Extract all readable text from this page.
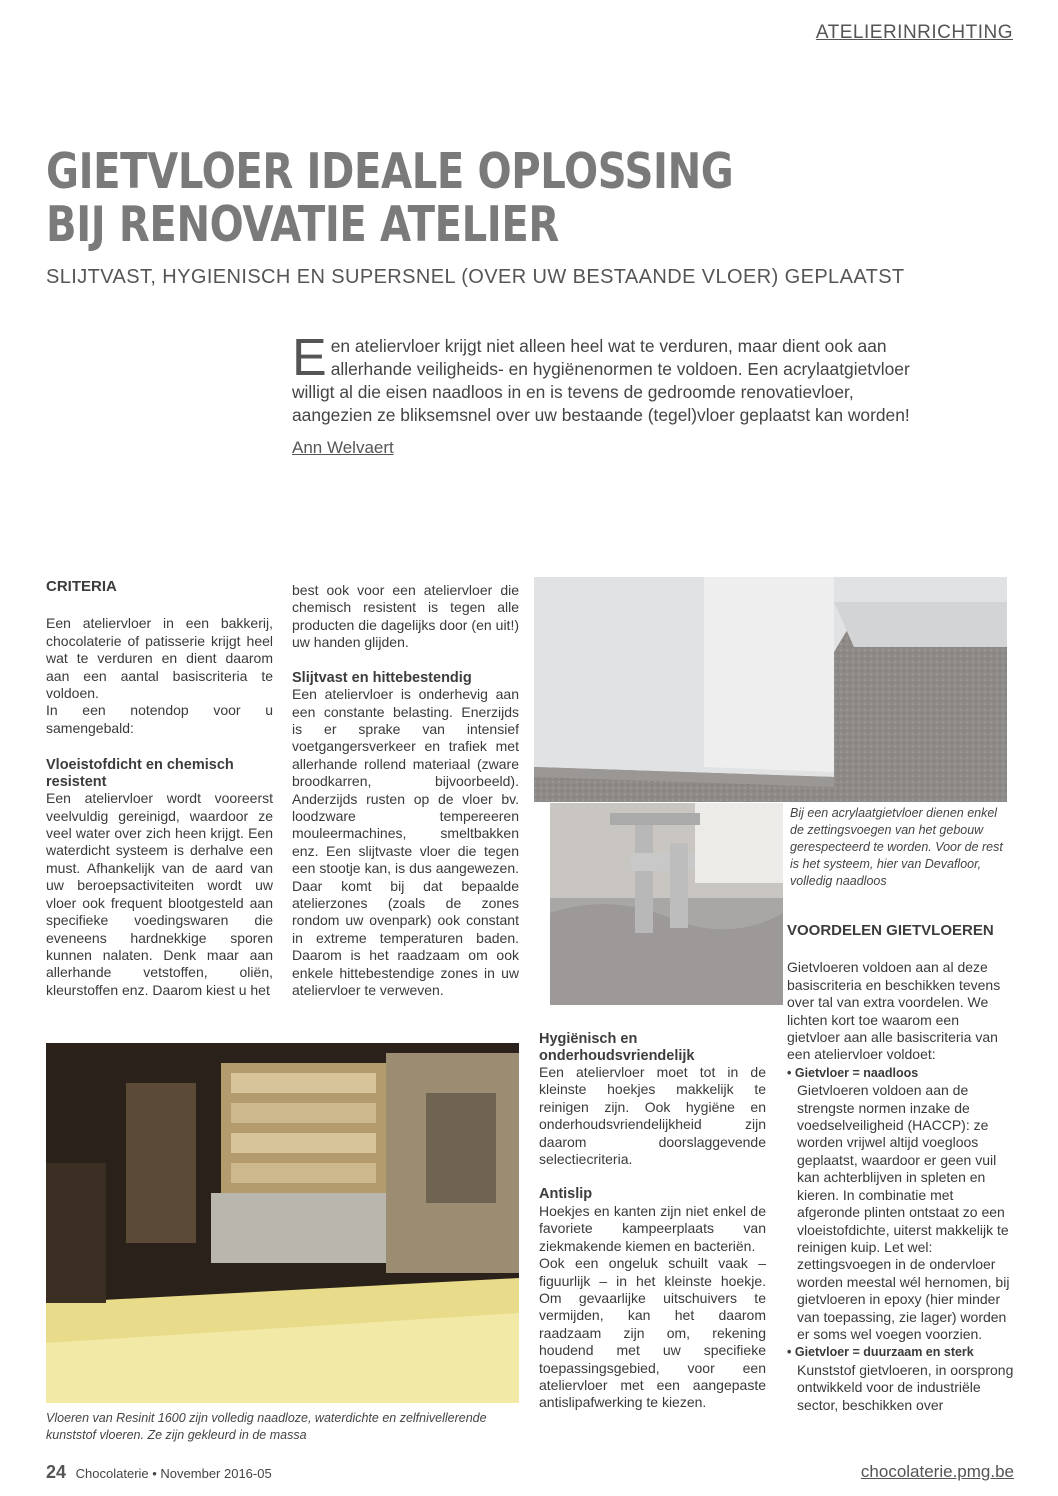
ATELIERINRICHTING
GIETVLOER IDEALE OPLOSSING
BIJ RENOVATIE ATELIER
SLIJTVAST, HYGIENISCH EN SUPERSNEL (OVER UW BESTAANDE VLOER) GEPLAATST

Een ateliervloer krijgt niet alleen heel wat te verduren, maar dient ook aan allerhande veiligheids- en hygiënenormen te voldoen. Een acrylaatgietvloer willigt al die eisen naadloos in en is tevens de gedroomde renovatievloer, aangezien ze bliksemsnel over uw bestaande (tegel)vloer geplaatst kan worden!

Ann Welvaert
CRITERIA

Een ateliervloer in een bakkerij, chocolaterie of patisserie krijgt heel wat te verduren en dient daarom aan een aantal basiscriteria te voldoen.

In een notendop voor u samengebald:

Vloeistofdicht en chemisch resistent

Een ateliervloer wordt vooreerst veelvuldig gereinigd, waardoor ze veel water over zich heen krijgt. Een waterdicht systeem is derhalve een must. Afhankelijk van de aard van uw beroepsactiviteiten wordt uw vloer ook frequent blootgesteld aan specifieke voedingswaren die eveneens hardnekkige sporen kunnen nalaten. Denk maar aan allerhande vetstoffen, oliën, kleurstoffen enz. Daarom kiest u het

best ook voor een ateliervloer die chemisch resistent is tegen alle producten die dagelijks door (en uit!) uw handen glijden.

Slijtvast en hittebestendig

Een ateliervloer is onderhevig aan een constante belasting. Enerzijds is er sprake van intensief voetgangersverkeer en trafiek met allerhande rollend materiaal (zware broodkarren, bijvoorbeeld). Anderzijds rusten op de vloer bv. loodzware tempereeren mouleermachines, smeltbakken enz. Een slijtvaste vloer die tegen een stootje kan, is dus aangewezen. Daar komt bij dat bepaalde atelierzones (zoals de zones rondom uw ovenpark) ook constant in extreme temperaturen baden. Daarom is het raadzaam om ook enkele hittebestendige zones in uw ateliervloer te verweven.

Bij een acrylaatgietvloer dienen enkel de zettingsvoegen van het gebouw gerespecteerd te worden. Voor de rest is het systeem, hier van Devafloor, volledig naadloos
Hygiënisch en onderhoudsvriendelijk

Een ateliervloer moet tot in de kleinste hoekjes makkelijk te reinigen zijn. Ook hygiëne en onderhoudsvriendelijkheid zijn daarom doorslaggevende selectiecriteria.

Antislip

Hoekjes en kanten zijn niet enkel de favoriete kampeerplaats van ziekmakende kiemen en bacteriën.

Ook een ongeluk schuilt vaak – figuurlijk – in het kleinste hoekje. Om gevaarlijke uitschuivers te vermijden, kan het daarom raadzaam zijn om, rekening houdend met uw specifieke toepassingsgebied, voor een ateliervloer met een aangepaste antislipafwerking te kiezen.

VOORDELEN GIETVLOEREN

Gietvloeren voldoen aan al deze basiscriteria en beschikken tevens over tal van extra voordelen. We lichten kort toe waarom een gietvloer aan alle basiscriteria van een ateliervloer voldoet:

• Gietvloer = naadloos

Gietvloeren voldoen aan de strengste normen inzake de voedselveiligheid (HACCP): ze worden vrijwel altijd voegloos geplaatst, waardoor er geen vuil kan achterblijven in spleten en kieren. In combinatie met afgeronde plinten ontstaat zo een vloeistofdichte, uiterst makkelijk te reinigen kuip. Let wel: zettingsvoegen in de ondervloer worden meestal wél hernomen, bij gietvloeren in epoxy (hier minder van toepassing, zie lager) worden er soms wel voegen voorzien.

• Gietvloer = duurzaam en sterk

Kunststof gietvloeren, in oorsprong ontwikkeld voor de industriële sector, beschikken over

Vloeren van Resinit 1600 zijn volledig naadloze, waterdichte en zelfnivellerende kunststof vloeren. Ze zijn gekleurd in de massa
24 Chocolaterie • November 2016-05	chocolaterie.pmg.be
